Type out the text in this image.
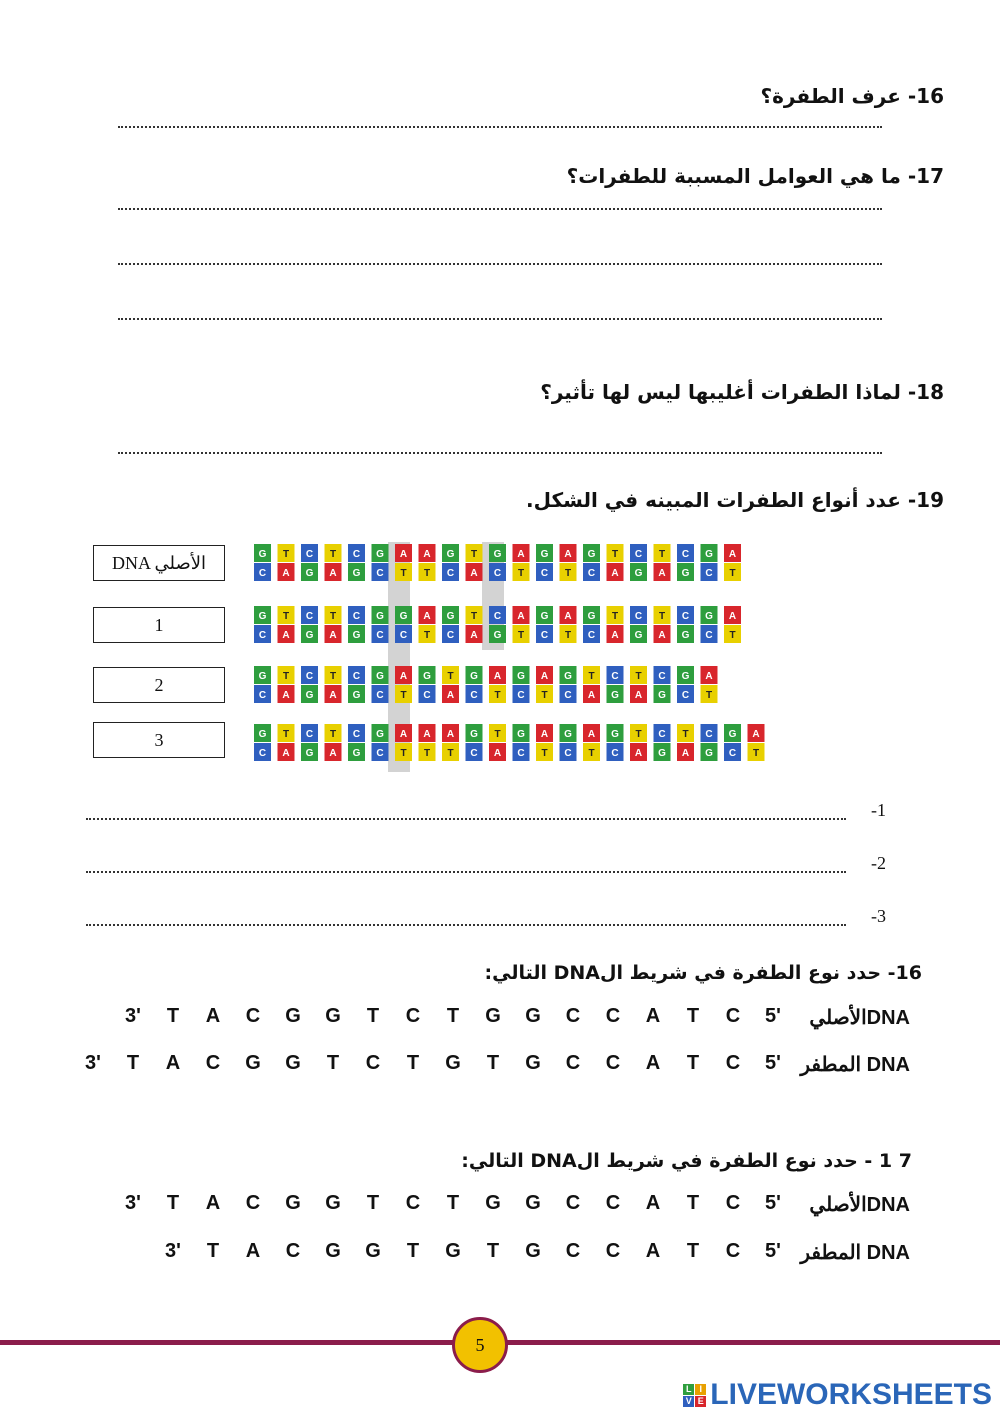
16- عرف الطفرة؟
17- ما هي العوامل المسببة للطفرات؟
18- لماذا الطفرات أغليبها ليس لها تأثير؟
19- عدد أنواع الطفرات المبينه في الشكل.
DNA الأصلي
1
2
3
G T C T C G A A G T G A G A G T C T C G A
C A G A G C T T C A C T C T C A G A G C T
G T C T C G G A G T C A G A G T C T C G A
C A G A G C C T C A G T C T C A G A G C T
G T C T C G A G T G A G A G T C T C G A
C A G A G C T C A C T C T C A G A G C T
G T C T C G A A A G T G A G A G T C T C G A
C A G A G C T T T C A C T C T C A G A G C T
-1
-2
-3
16- حدد نوع الطفرة في شريط الDNA التالي:
DNAالأصلي
3'	T	A	C	G	G	T	C	T	G	G	C	C	A	T	C	5'
DNA المطفر
3'	T	A	C	G	G	T	C	T	G	T	G	C	C	A	T	C	5'
7 1 - حدد نوع الطفرة في شريط الDNA التالي:
DNAالأصلي
3'	T	A	C	G	G	T	C	T	G	G	C	C	A	T	C	5'
DNA المطفر
3'	T	A	C	G	G	T	G	T	G	C	C	A	T	C	5'
5
L I
V E LIVEWORKSHEETS
